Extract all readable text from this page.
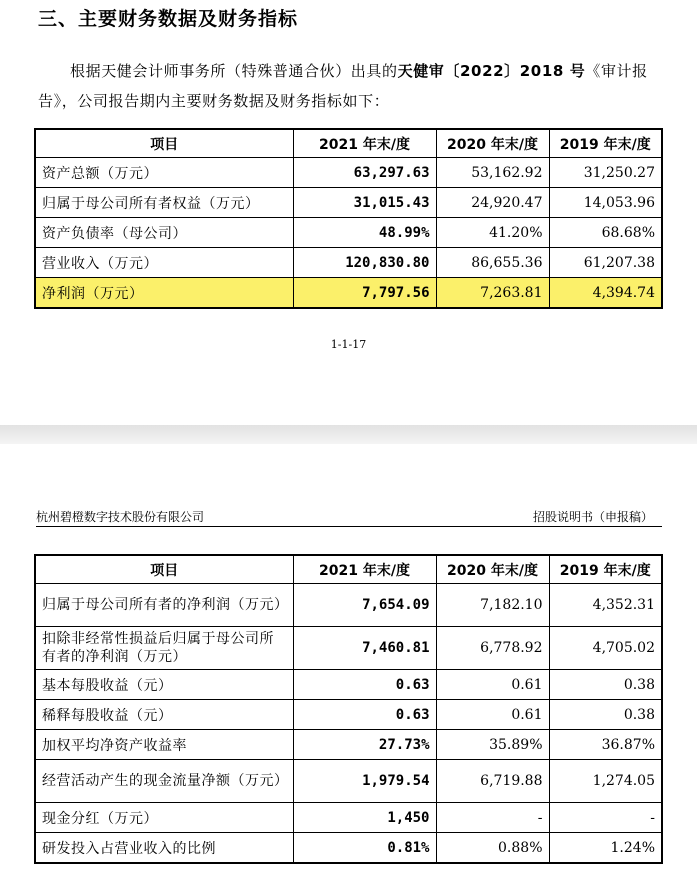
三、主要财务数据及财务指标

根据天健会计师事务所（特殊普通合伙）出具的天健审〔2022〕2018 号《审计报告》，公司报告期内主要财务数据及财务指标如下：

项目	2021 年末/度	2020 年末/度	2019 年末/度
资产总额（万元）	63,297.63	53,162.92	31,250.27
归属于母公司所有者权益（万元）	31,015.43	24,920.47	14,053.96
资产负债率（母公司）	48.99%	41.20%	68.68%
营业收入（万元）	120,830.80	86,655.36	61,207.38
净利润（万元）	7,797.56	7,263.81	4,394.74
1-1-17
杭州碧橙数字技术股份有限公司	招股说明书（申报稿）
项目	2021 年末/度	2020 年末/度	2019 年末/度
归属于母公司所有者的净利润（万元）	7,654.09	7,182.10	4,352.31
扣除非经常性损益后归属于母公司所有者的净利润（万元）	7,460.81	6,778.92	4,705.02
基本每股收益（元）	0.63	0.61	0.38
稀释每股收益（元）	0.63	0.61	0.38
加权平均净资产收益率	27.73%	35.89%	36.87%
经营活动产生的现金流量净额（万元）	1,979.54	6,719.88	1,274.05
现金分红（万元）	1,450	-	-
研发投入占营业收入的比例	0.81%	0.88%	1.24%
